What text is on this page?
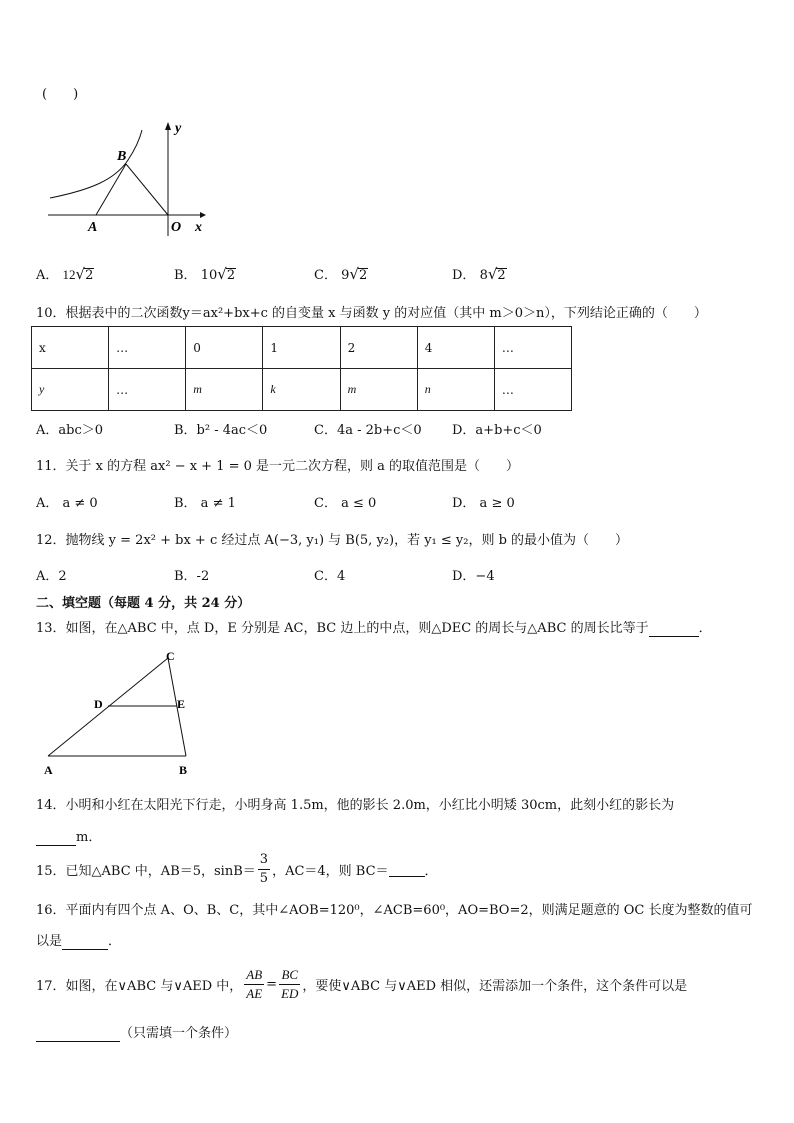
(　　)
y
B
A	O x
A． 12√2	B． 10√2	C． 9√2	D． 8√2
10．根据表中的二次函数y＝ax²+bx+c 的自变量 x 与函数 y 的对应值（其中 m＞0＞n），下列结论正确的（　　）
x	…	0	1	2	4	…
y	…	m	k	m	n	…
A．abc＞0	B．b² - 4ac＜0	C．4a - 2b+c＜0 D．a+b+c＜0
11．关于 x 的方程 ax² − x + 1 = 0 是一元二次方程，则 a 的取值范围是（　　）
A． a ≠ 0	B． a ≠ 1	C． a ≤ 0	D． a ≥ 0
12．抛物线 y = 2x² + bx + c 经过点 A(−3, y₁) 与 B(5, y₂)，若 y₁ ≤ y₂，则 b 的最小值为（　　）
A．2	B．-2	C．4	D．−4
二、填空题（每题 4 分，共 24 分）
13．如图，在△ABC 中，点 D，E 分别是 AC，BC 边上的中点，则△DEC 的周长与△ABC 的周长比等于	．
C
D	E
A	B
14．小明和小红在太阳光下行走，小明身高 1.5m，他的影长 2.0m，小红比小明矮 30cm，此刻小红的影长为
m．
15．已知△ABC 中，AB＝5，$\sin B= \frac{3}{5}$ ，AC＝4，则 BC＝
	．
16．平面内有四个点 A、O、B、C，其中∠AOB=120⁰，∠ACB=60⁰，AO=BO=2，则满足题意的 OC 长度为整数的值可
以是	．
17．如图，在∨ABC 与∨AED 中， $\frac{AB}{AE} = \frac{BC}{ED}$ ，要使∨ABC 与∨AED 相似，还需添加一个条件，这个条件可以是
（只需填一个条件）
